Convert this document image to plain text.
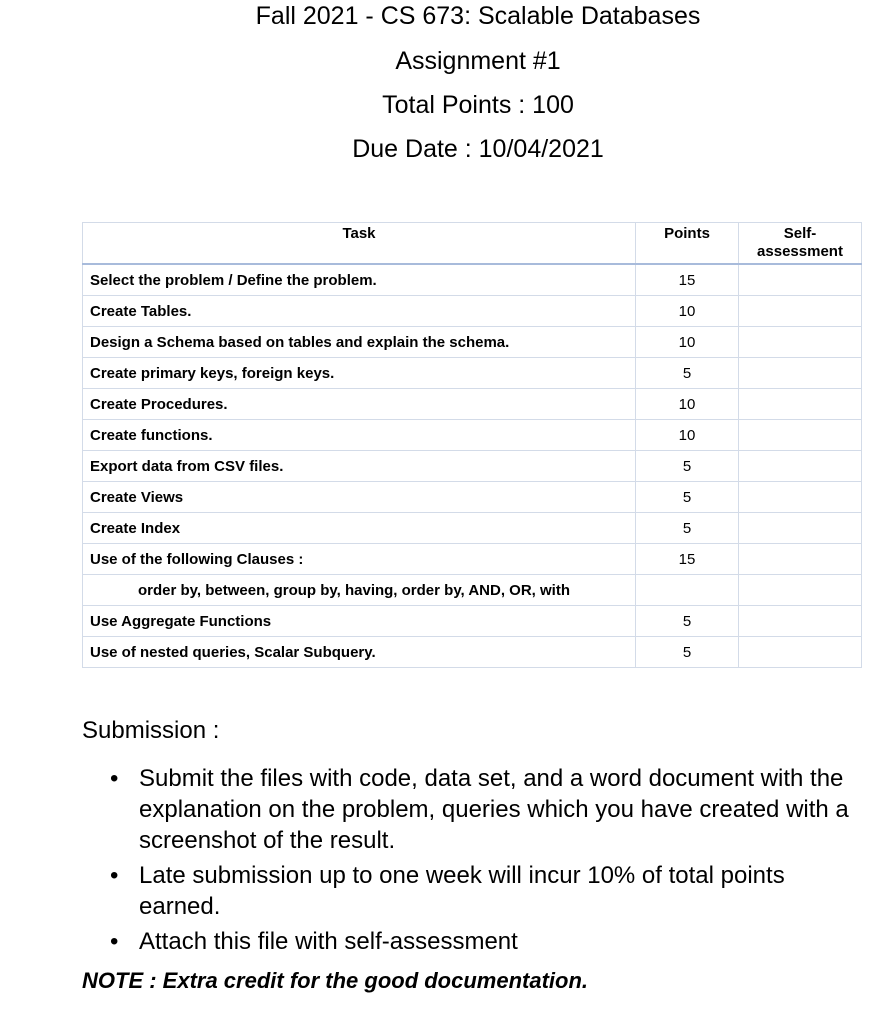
Fall 2021 - CS 673: Scalable Databases
Assignment #1
Total Points : 100
Due Date : 10/04/2021
Task	Points	Self-
assessment
Select the problem / Define the problem.	15	
Create Tables.	10	
Design a Schema based on tables and explain the schema.	10	
Create primary keys, foreign keys.	5	
Create Procedures.	10	
Create functions.	10	
Export data from CSV files.	5	
Create Views	5	
Create Index	5	
Use of the following Clauses :	15	
order by, between, group by, having, order by, AND, OR, with		
Use Aggregate Functions	5	
Use of nested queries, Scalar Subquery.	5	
Submission :
• Submit the files with code, data set, and a word document with the explanation on the problem, queries which you have created with a screenshot of the result.
• Late submission up to one week will incur 10% of total points earned.
• Attach this file with self-assessment
NOTE : Extra credit for the good documentation.
